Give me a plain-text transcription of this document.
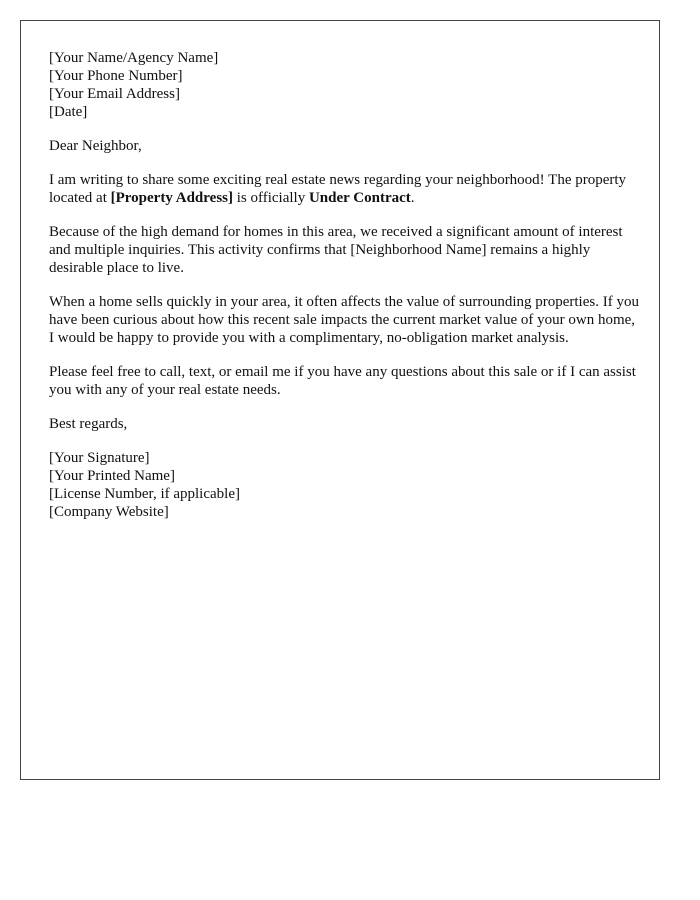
[Your Name/Agency Name]
[Your Phone Number]
[Your Email Address]
[Date]

Dear Neighbor,

I am writing to share some exciting real estate news regarding your neighborhood! The property located at [Property Address] is officially Under Contract.

Because of the high demand for homes in this area, we received a significant amount of interest and multiple inquiries. This activity confirms that [Neighborhood Name] remains a highly desirable place to live.

When a home sells quickly in your area, it often affects the value of surrounding properties. If you have been curious about how this recent sale impacts the current market value of your own home, I would be happy to provide you with a complimentary, no-obligation market analysis.

Please feel free to call, text, or email me if you have any questions about this sale or if I can assist you with any of your real estate needs.

Best regards,

[Your Signature]
[Your Printed Name]
[License Number, if applicable]
[Company Website]
